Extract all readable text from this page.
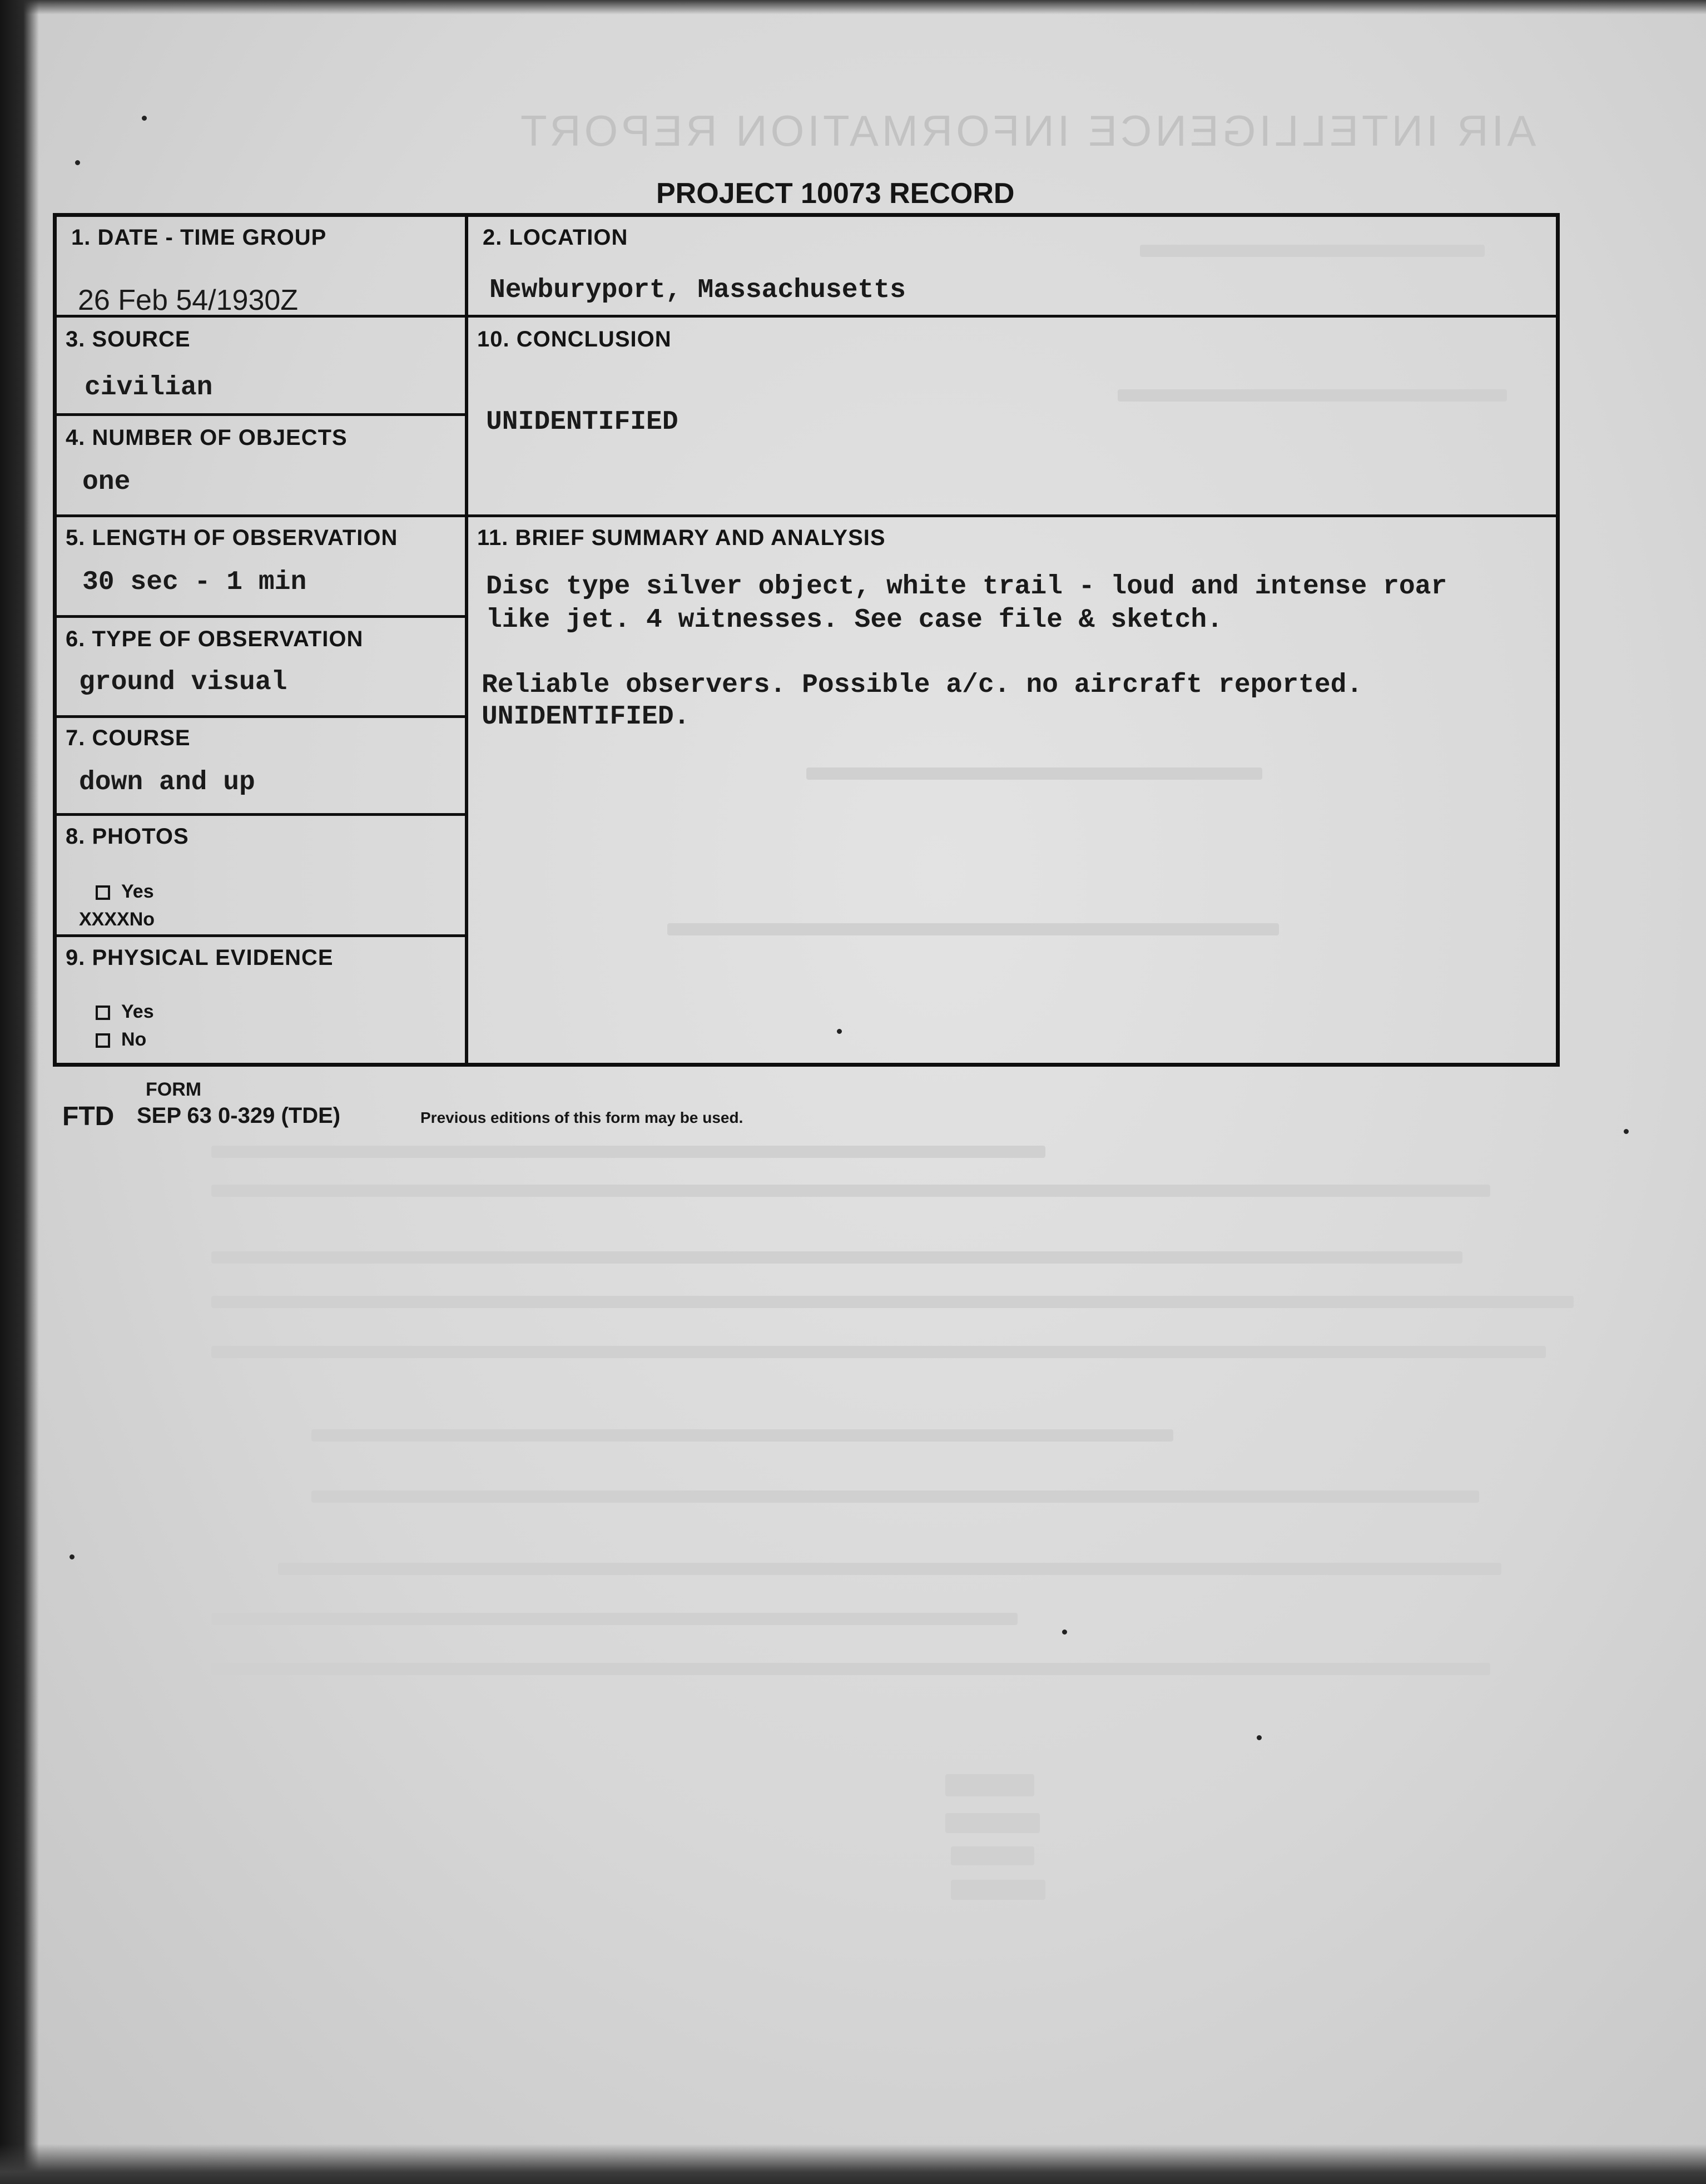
AIR INTELLIGENCE INFORMATION REPORT
PROJECT 10073 RECORD
1. DATE - TIME GROUP
26 Feb 54/1930Z
2. LOCATION
Newburyport, Massachusetts
3. SOURCE
civilian
10. CONCLUSION
UNIDENTIFIED
4. NUMBER OF OBJECTS
one
5. LENGTH OF OBSERVATION
30 sec - 1 min
11. BRIEF SUMMARY AND ANALYSIS
Disc type silver object, white trail - loud and intense roar
like jet. 4 witnesses. See case file & sketch.
Reliable observers. Possible a/c. no aircraft reported.
UNIDENTIFIED.
6. TYPE OF OBSERVATION
ground visual
7. COURSE
down and up
8. PHOTOS
Yes
XXXXNo
9. PHYSICAL EVIDENCE
Yes
No
FORM
FTD SEP 63 0-329 (TDE)	Previous editions of this form may be used.
